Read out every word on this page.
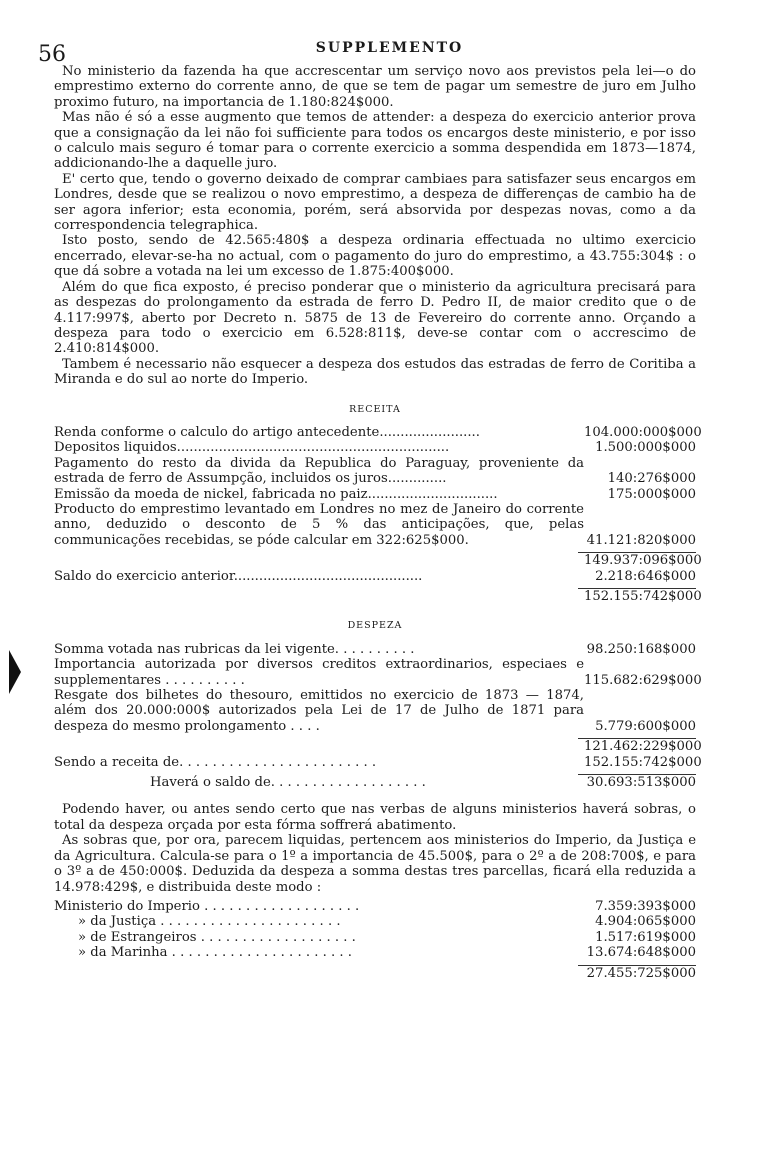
56	SUPPLEMENTO

No ministerio da fazenda ha que accrescentar um serviço novo aos previstos pela lei—o do emprestimo externo do corrente anno, de que se tem de pagar um semestre de juro em Julho proximo futuro, na importancia de 1.180:824$000.

Mas não é só a esse augmento que temos de attender: a despeza do exercicio anterior prova que a consignação da lei não foi sufficiente para todos os encargos deste ministerio, e por isso o calculo mais seguro é tomar para o corrente exercicio a somma despendida em 1873—1874, addicionando-lhe a daquelle juro.

E' certo que, tendo o governo deixado de comprar cambiaes para satisfazer seus encargos em Londres, desde que se realizou o novo emprestimo, a despeza de differenças de cambio ha de ser agora inferior; esta economia, porém, será absorvida por despezas novas, como a da correspondencia telegraphica.

Isto posto, sendo de 42.565:480$ a despeza ordinaria effectuada no ultimo exercicio encerrado, elevar-se-ha no actual, com o pagamento do juro do emprestimo, a 43.755:304$ : o que dá sobre a votada na lei um excesso de 1.875:400$000.

Além do que fica exposto, é preciso ponderar que o ministerio da agricultura precisará para as despezas do prolongamento da estrada de ferro D. Pedro II, de maior credito que o de 4.117:997$, aberto por Decreto n. 5875 de 13 de Fevereiro do corrente anno. Orçando a despeza para todo o exercicio em 6.528:811$, deve-se contar com o accrescimo de 2.410:814$000.

Tambem é necessario não esquecer a despeza dos estudos das estradas de ferro de Coritiba a Miranda e do sul ao norte do Imperio.

RECEITA
Renda conforme o calculo do artigo antecedente........................	104.000:000$000
Depositos liquidos.................................................................	1.500:000$000
Pagamento do resto da divida da Republica do Paraguay, proveniente da estrada de ferro de Assumpção, incluidos os juros..............	140:276$000
Emissão da moeda de nickel, fabricada no paiz...............................	175:000$000
Producto do emprestimo levantado em Londres no mez de Janeiro do corrente anno, deduzido o desconto de 5 % das anticipações, que, pelas communicações recebidas, se póde calcular em 322:625$000.	41.121:820$000
149.937:096$000
Saldo do exercicio anterior.............................................	2.218:646$000
152.155:742$000
DESPEZA
Somma votada nas rubricas da lei vigente. . . . . . . . . .	98.250:168$000
Importancia autorizada por diversos creditos extraordinarios, especiaes e supplementares . . . . . . . . . .	115.682:629$000
Resgate dos bilhetes do thesouro, emittidos no exercicio de 1873 — 1874, além dos 20.000:000$ autorizados pela Lei de 17 de Julho de 1871 para despeza do mesmo prolongamento . . . .	5.779:600$000
121.462:229$000
Sendo a receita de. . . . . . . . . . . . . . . . . . . . . . . .	152.155:742$000
Haverá o saldo de. . . . . . . . . . . . . . . . . . .	30.693:513$000

Podendo haver, ou antes sendo certo que nas verbas de alguns ministerios haverá sobras, o total da despeza orçada por esta fórma soffrerá abatimento.

As sobras que, por ora, parecem liquidas, pertencem aos ministerios do Imperio, da Justiça e da Agricultura. Calcula-se para o 1º a importancia de 45.500$, para o 2º a de 208:700$, e para o 3º a de 450:000$. Deduzida da despeza a somma destas tres parcellas, ficará ella reduzida a 14.978:429$, e distribuida deste modo :

Ministerio do Imperio . . . . . . . . . . . . . . . . . . .	7.359:393$000
» da Justiça . . . . . . . . . . . . . . . . . . . . . .	4.904:065$000
» de Estrangeiros . . . . . . . . . . . . . . . . . . .	1.517:619$000
» da Marinha . . . . . . . . . . . . . . . . . . . . . .	13.674:648$000
27.455:725$000
